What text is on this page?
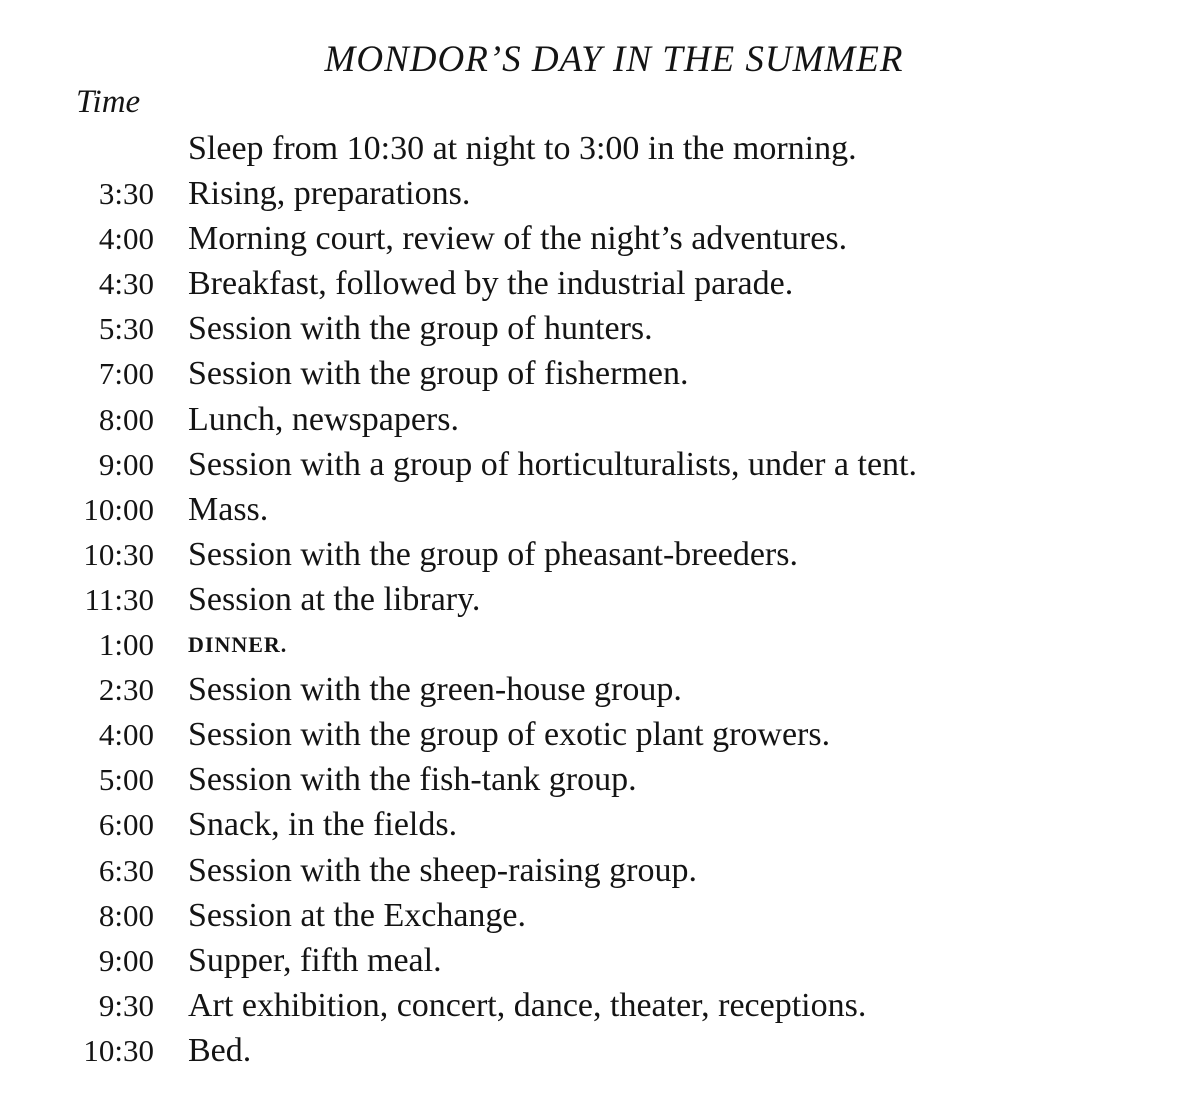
MONDOR’S DAY IN THE SUMMER
Time
Sleep from 10:30 at night to 3:00 in the morning.
3:30 Rising, preparations.
4:00 Morning court, review of the night’s adventures.
4:30 Breakfast, followed by the industrial parade.
5:30 Session with the group of hunters.
7:00 Session with the group of fishermen.
8:00 Lunch, newspapers.
9:00 Session with a group of horticulturalists, under a tent.
10:00 Mass.
10:30 Session with the group of pheasant-breeders.
11:30 Session at the library.
1:00 DINNER.
2:30 Session with the green-house group.
4:00 Session with the group of exotic plant growers.
5:00 Session with the fish-tank group.
6:00 Snack, in the fields.
6:30 Session with the sheep-raising group.
8:00 Session at the Exchange.
9:00 Supper, fifth meal.
9:30 Art exhibition, concert, dance, theater, receptions.
10:30 Bed.
